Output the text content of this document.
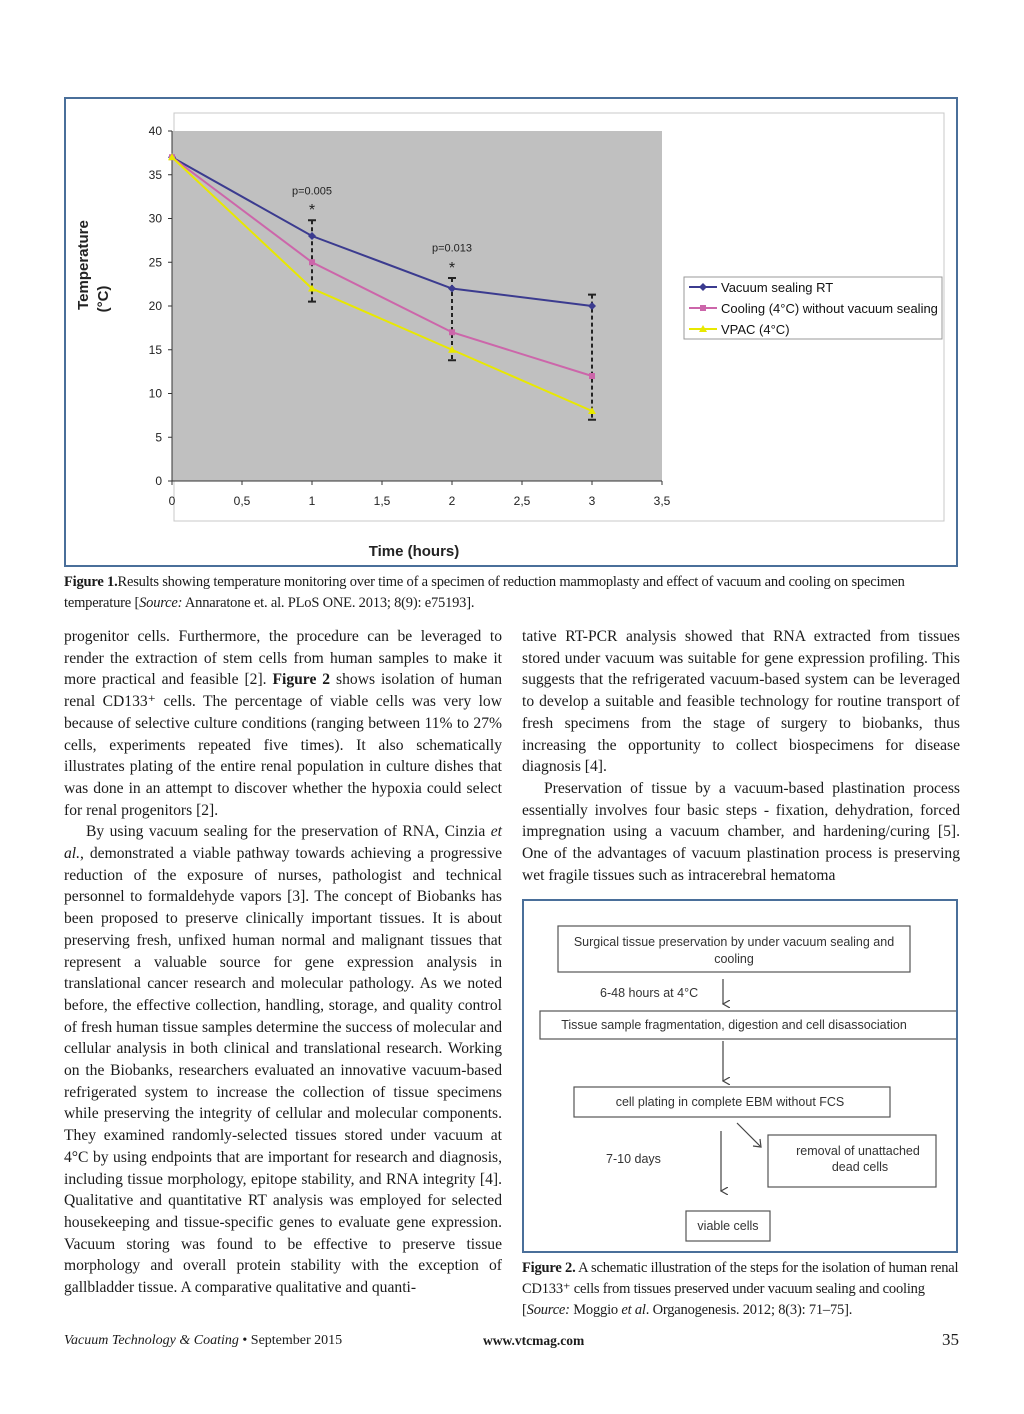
0
5
10
15
20
25
30
35
40
0	0,5	1	1,5	2	2,5	3	3,5
p=0.005
*
p=0.013
*
Temperature (°C)
Time (hours)
Vacuum sealing RT
Cooling (4°C) without vacuum sealing
VPAC (4°C)
Figure 1.Results showing temperature monitoring over time of a specimen of reduction mammoplasty and effect of vacuum and cooling on specimen temperature [Source: Annaratone et. al. PLoS ONE. 2013; 8(9): e75193].

progenitor cells. Furthermore, the procedure can be leveraged to render the extraction of stem cells from human samples to make it more practical and feasible [2]. Figure 2 shows isolation of human renal CD133⁺ cells. The percentage of viable cells was very low because of selective culture conditions (ranging between 11% to 27% cells, experiments repeated five times). It also schematically illustrates plating of the entire renal population in culture dishes that was done in an attempt to discover whether the hypoxia could select for renal progenitors [2].

By using vacuum sealing for the preservation of RNA, Cinzia et al., demonstrated a viable pathway towards achieving a progressive reduction of the exposure of nurses, pathologist and technical personnel to formaldehyde vapors [3]. The concept of Biobanks has been proposed to preserve clinically important tissues. It is about preserving fresh, unfixed human normal and malignant tissues that represent a valuable source for gene expression analysis in translational cancer research and molecular pathology. As we noted before, the effective collection, handling, storage, and quality control of fresh human tissue samples determine the success of molecular and cellular analysis in both clinical and translational research. Working on the Biobanks, researchers evaluated an innovative vacuum-based refrigerated system to increase the collection of tissue specimens while preserving the integrity of cellular and molecular components. They examined randomly-selected tissues stored under vacuum at 4°C by using endpoints that are important for research and diagnosis, including tissue morphology, epitope stability, and RNA integrity [4]. Qualitative and quantitative RT analysis was employed for selected housekeeping and tissue-specific genes to evaluate gene expression. Vacuum storing was found to be effective to preserve tissue morphology and overall protein stability with the exception of gallbladder tissue. A comparative qualitative and quanti-

tative RT-PCR analysis showed that RNA extracted from tissues stored under vacuum was suitable for gene expression profiling. This suggests that the refrigerated vacuum-based system can be leveraged to develop a suitable and feasible technology for routine transport of fresh specimens from the stage of surgery to biobanks, thus increasing the opportunity to collect biospecimens for disease diagnosis [4].

Preservation of tissue by a vacuum-based plastination process essentially involves four basic steps - fixation, dehydration, forced impregnation using a vacuum chamber, and hardening/curing [5]. One of the advantages of vacuum plastination process is preserving wet fragile tissues such as intracerebral hematoma

Surgical tissue preservation by under vacuum sealing and
cooling
6-48 hours at 4°C
Tissue sample fragmentation, digestion and cell disassociation
cell plating in complete EBM without FCS
7-10 days
removal of unattached
dead cells
viable cells
Figure 2. A schematic illustration of the steps for the isolation of human renal CD133⁺ cells from tissues preserved under vacuum sealing and cooling [Source: Moggio et al. Organogenesis. 2012; 8(3): 71–75].
Vacuum Technology & Coating • September 2015	www.vtcmag.com	35
